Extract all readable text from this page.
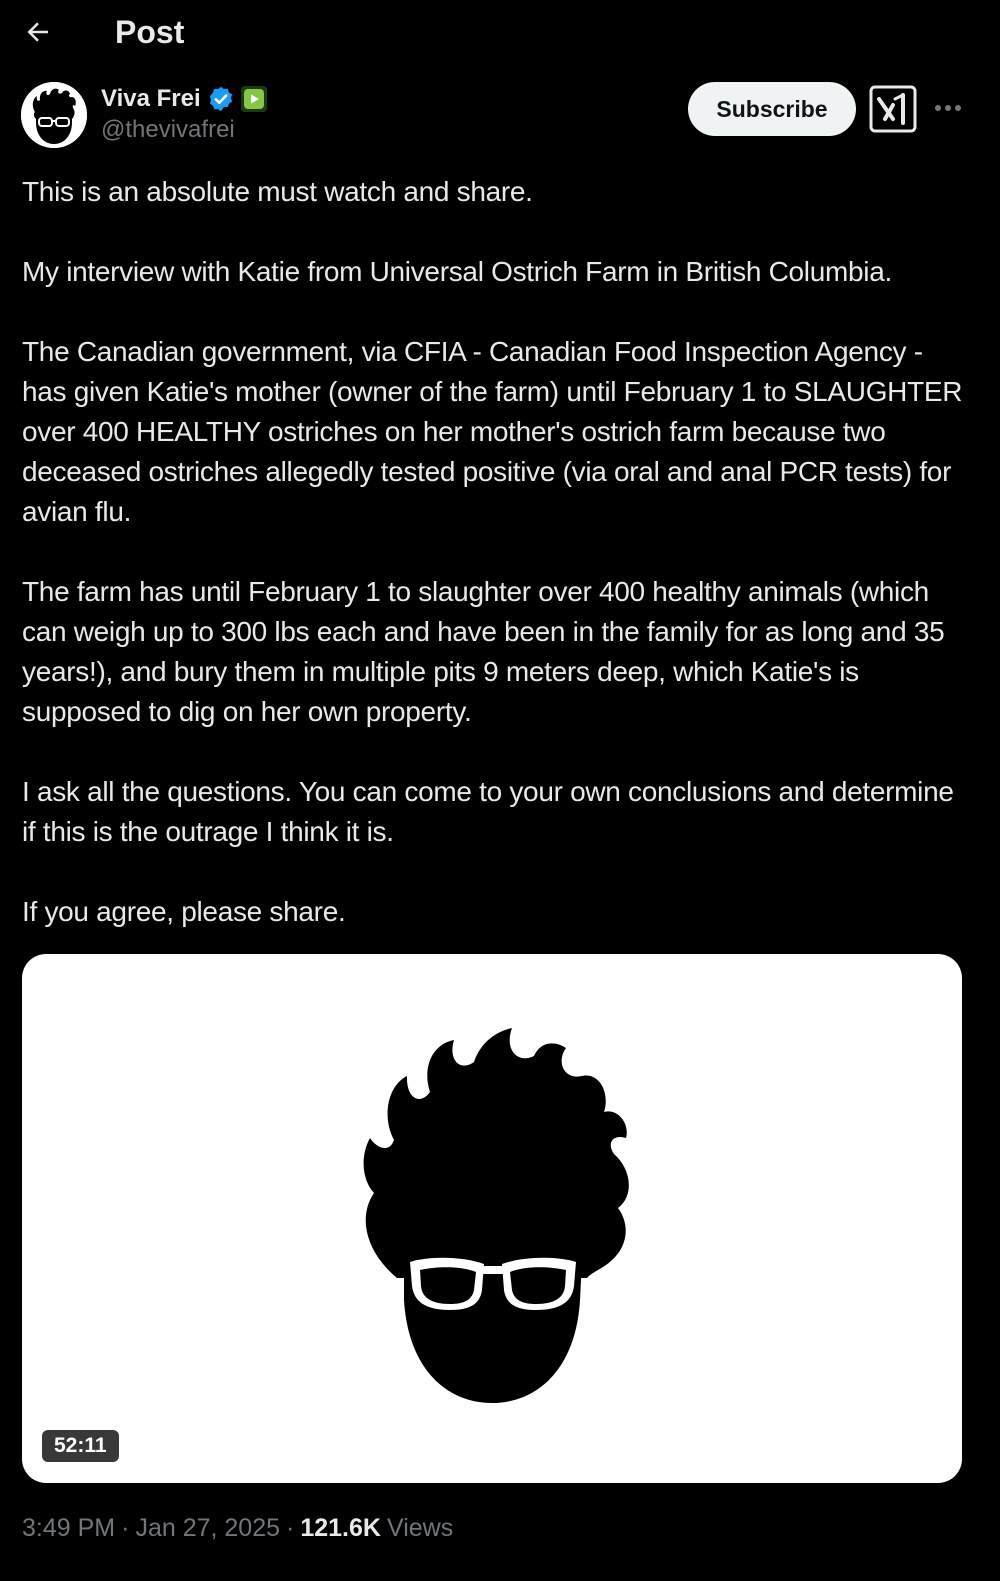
Post
Viva Frei
@thevivafrei
Subscribe

This is an absolute must watch and share.

My interview with Katie from Universal Ostrich Farm in British Columbia.

The Canadian government, via CFIA - Canadian Food Inspection Agency - has given Katie's mother (owner of the farm) until February 1 to SLAUGHTER over 400 HEALTHY ostriches on her mother's ostrich farm because two deceased ostriches allegedly tested positive (via oral and anal PCR tests) for avian flu.

The farm has until February 1 to slaughter over 400 healthy animals (which can weigh up to 300 lbs each and have been in the family for as long and 35 years!), and bury them in multiple pits 9 meters deep, which Katie's is supposed to dig on her own property.

I ask all the questions. You can come to your own conclusions and determine if this is the outrage I think it is.

If you agree, please share.

52:11
3:49 PM · Jan 27, 2025 · 121.6K Views
